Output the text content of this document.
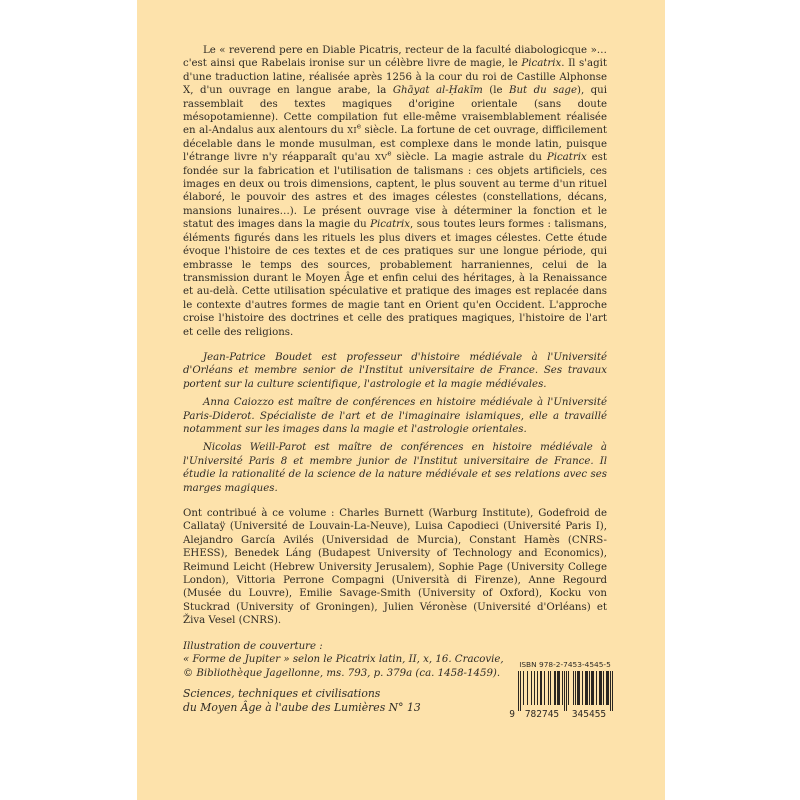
Le « reverend pere en Diable Picatris, recteur de la faculté diabologicque »… c'est ainsi que Rabelais ironise sur un célèbre livre de magie, le Picatrix. Il s'agit d'une traduction latine, réalisée après 1256 à la cour du roi de Castille Alphonse X, d'un ouvrage en langue arabe, la Ghāyat al-Ḥakīm (le But du sage), qui rassemblait des textes magiques d'origine orientale (sans doute mésopotamienne). Cette compilation fut elle-même vraisemblablement réalisée en al-Andalus aux alentours du XIe siècle. La fortune de cet ouvrage, difficilement décelable dans le monde musulman, est complexe dans le monde latin, puisque l'étrange livre n'y réapparaît qu'au XVe siècle. La magie astrale du Picatrix est fondée sur la fabrication et l'utilisation de talismans : ces objets artificiels, ces images en deux ou trois dimensions, captent, le plus souvent au terme d'un rituel élaboré, le pouvoir des astres et des images célestes (constellations, décans, mansions lunaires…). Le présent ouvrage vise à déterminer la fonction et le statut des images dans la magie du Picatrix, sous toutes leurs formes : talismans, éléments figurés dans les rituels les plus divers et images célestes. Cette étude évoque l'histoire de ces textes et de ces pratiques sur une longue période, qui embrasse le temps des sources, probablement harraniennes, celui de la transmission durant le Moyen Âge et enfin celui des héritages, à la Renaissance et au-delà. Cette utilisation spéculative et pratique des images est replacée dans le contexte d'autres formes de magie tant en Orient qu'en Occident. L'approche croise l'histoire des doctrines et celle des pratiques magiques, l'histoire de l'art et celle des religions.

Jean-Patrice Boudet est professeur d'histoire médiévale à l'Université d'Orléans et membre senior de l'Institut universitaire de France. Ses travaux portent sur la culture scientifique, l'astrologie et la magie médiévales.

Anna Caiozzo est maître de conférences en histoire médiévale à l'Université Paris-Diderot. Spécialiste de l'art et de l'imaginaire islamiques, elle a travaillé notamment sur les images dans la magie et l'astrologie orientales.

Nicolas Weill-Parot est maître de conférences en histoire médiévale à l'Université Paris 8 et membre junior de l'Institut universitaire de France. Il étudie la rationalité de la science de la nature médiévale et ses relations avec ses marges magiques.

Ont contribué à ce volume : Charles Burnett (Warburg Institute), Godefroid de Callataÿ (Université de Louvain-La-Neuve), Luisa Capodieci (Université Paris I), Alejandro García Avilés (Universidad de Murcia), Constant Hamès (CNRS-EHESS), Benedek Láng (Budapest University of Technology and Economics), Reimund Leicht (Hebrew University Jerusalem), Sophie Page (University College London), Vittoria Perrone Compagni (Università di Firenze), Anne Regourd (Musée du Louvre), Emilie Savage-Smith (University of Oxford), Kocku von Stuckrad (University of Groningen), Julien Véronèse (Université d'Orléans) et Živa Vesel (CNRS).

Illustration de couverture :
« Forme de Jupiter » selon le Picatrix latin, II, x, 16. Cracovie,
© Bibliothèque Jagellonne, ms. 793, p. 379a (ca. 1458-1459).
Sciences, techniques et civilisations
du Moyen Âge à l'aube des Lumières N° 13
ISBN 978-2-7453-4545-5
9 782745 345455
